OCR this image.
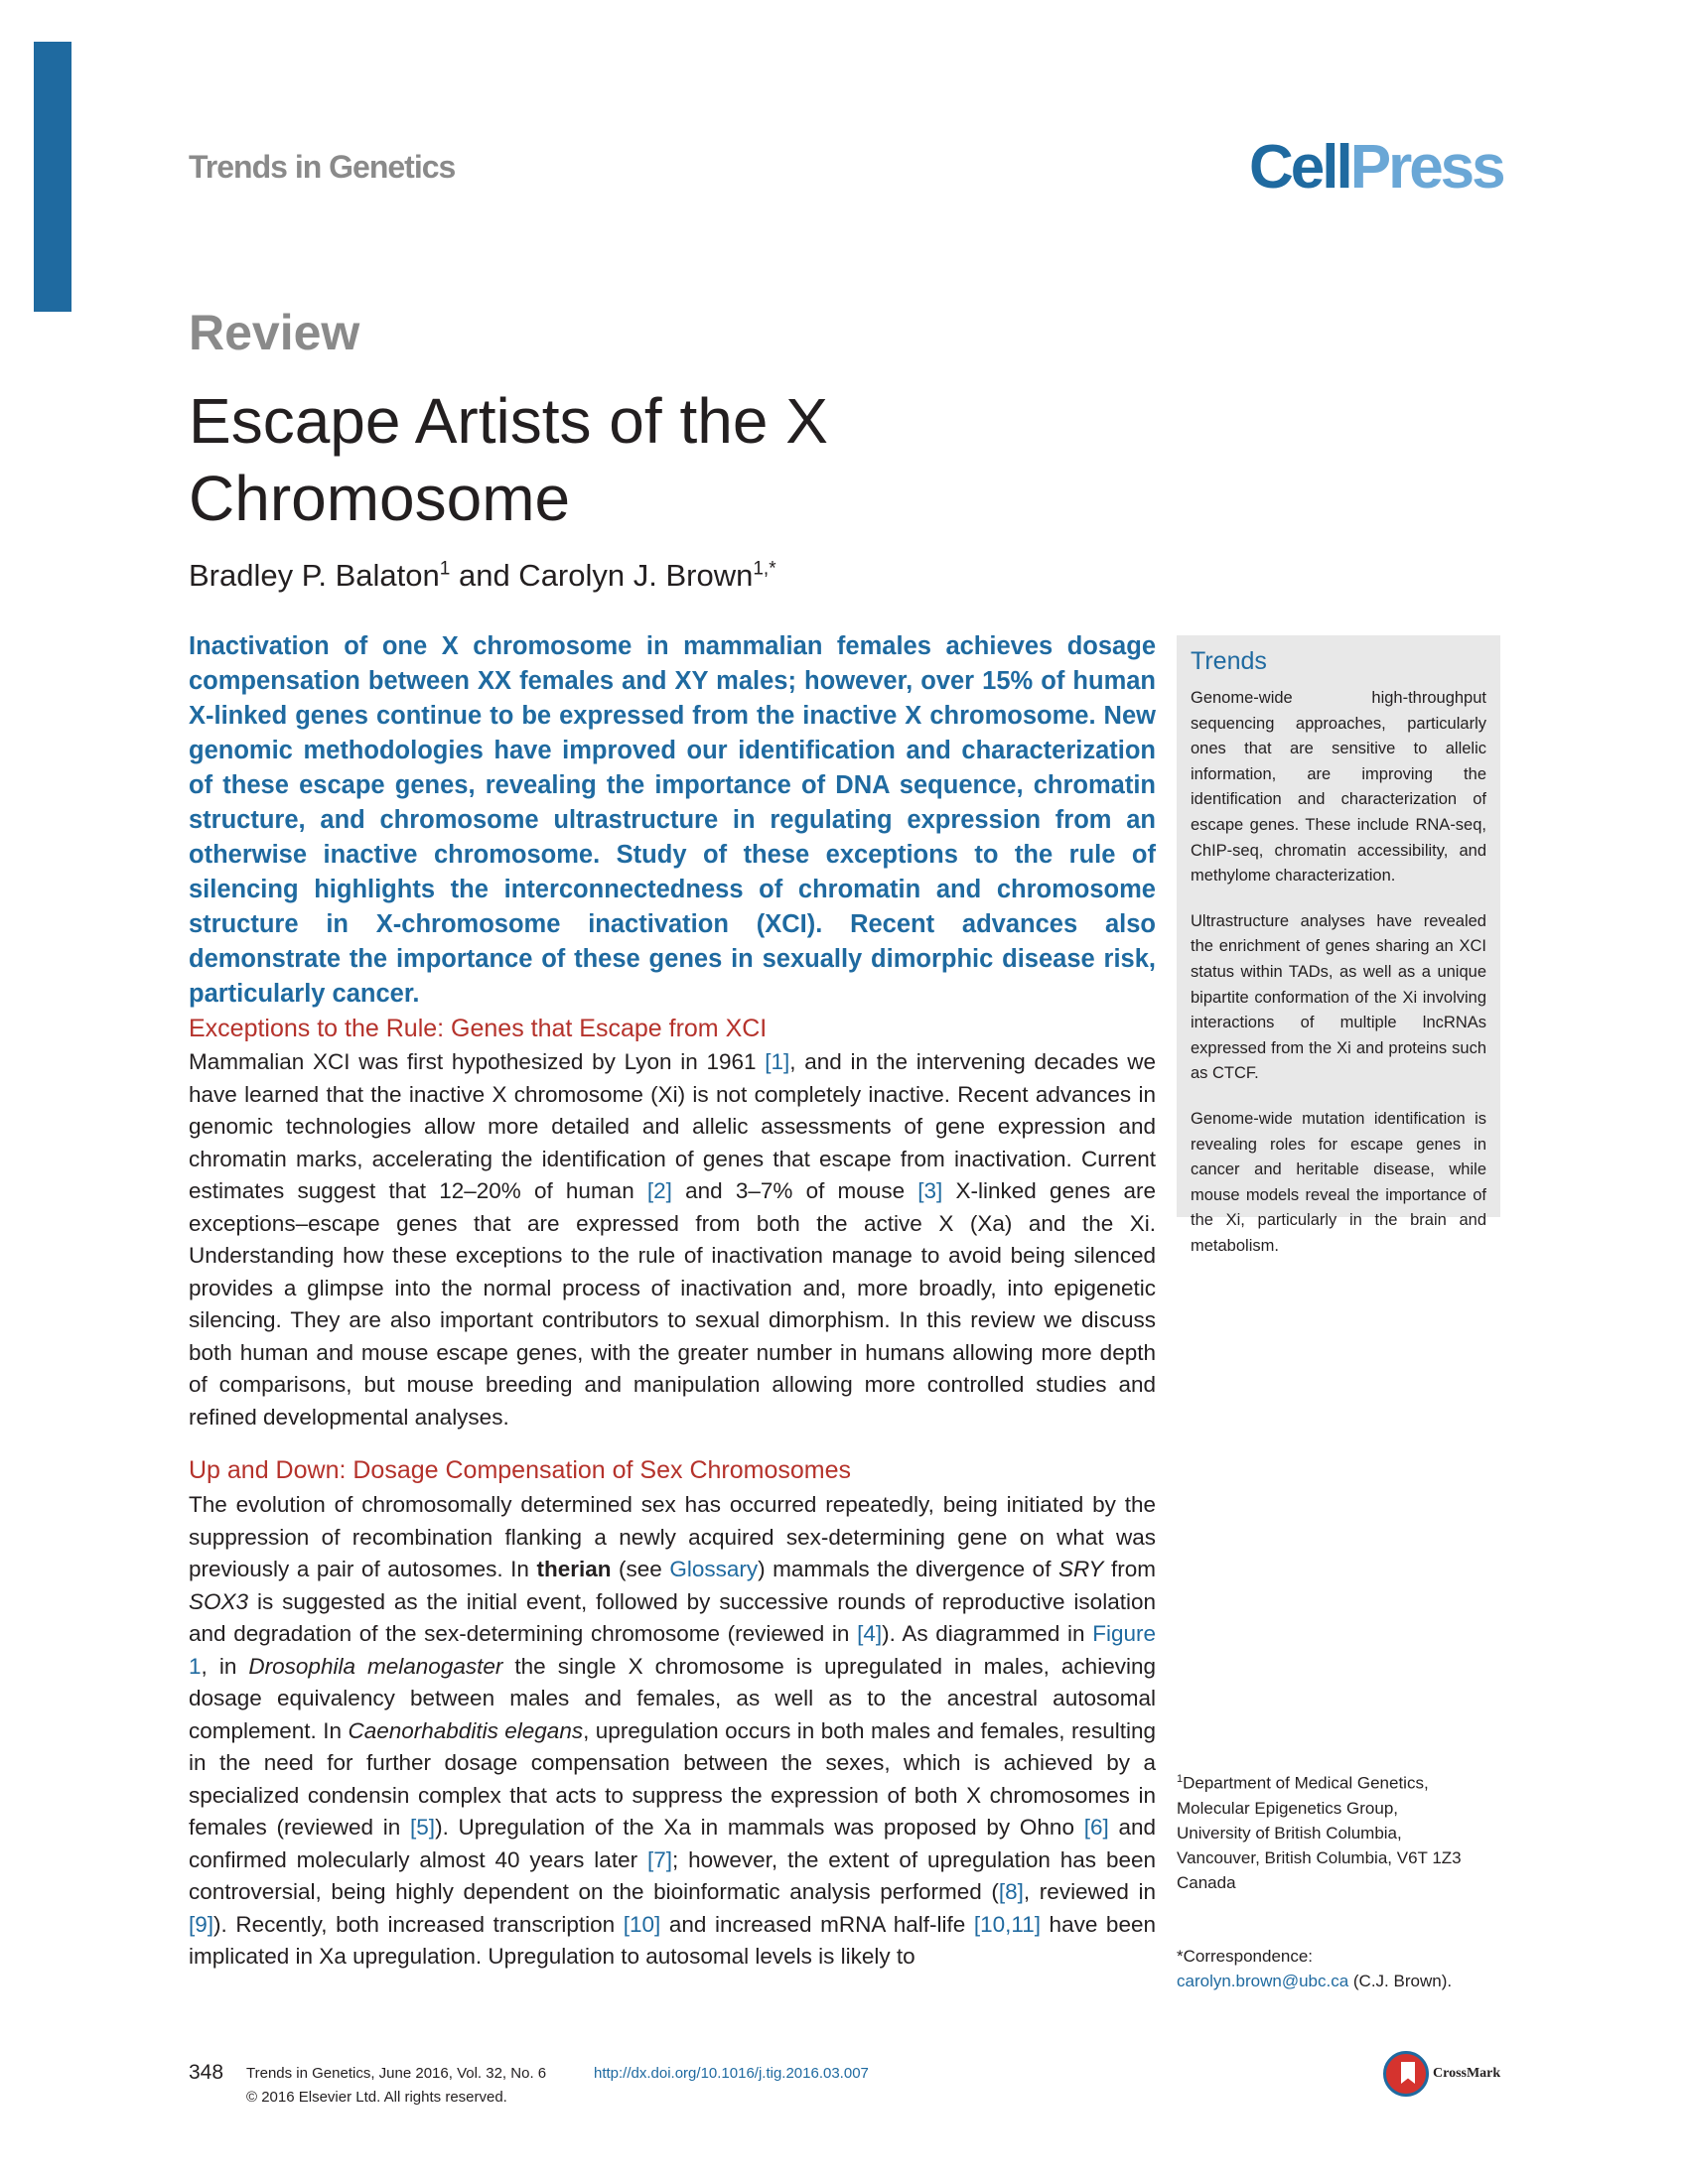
Trends in Genetics	CellPress
Review
Escape Artists of the X Chromosome
Bradley P. Balaton$^1$ and Carolyn J. Brown$^{1,*}$
Inactivation of one X chromosome in mammalian females achieves dosage compensation between XX females and XY males; however, over 15% of human X-linked genes continue to be expressed from the inactive X chromosome. New genomic methodologies have improved our identification and characterization of these escape genes, revealing the importance of DNA sequence, chromatin structure, and chromosome ultrastructure in regulating expression from an otherwise inactive chromosome. Study of these exceptions to the rule of silencing highlights the interconnectedness of chromatin and chromosome structure in X-chromosome inactivation (XCI). Recent advances also demonstrate the importance of these genes in sexually dimorphic disease risk, particularly cancer.
Exceptions to the Rule: Genes that Escape from XCI

Mammalian XCI was first hypothesized by Lyon in 1961 [1], and in the intervening decades we have learned that the inactive X chromosome (Xi) is not completely inactive. Recent advances in genomic technologies allow more detailed and allelic assessments of gene expression and chromatin marks, accelerating the identification of genes that escape from inactivation. Current estimates suggest that 12–20% of human [2] and 3–7% of mouse [3] X-linked genes are exceptions–escape genes that are expressed from both the active X (Xa) and the Xi. Understanding how these exceptions to the rule of inactivation manage to avoid being silenced provides a glimpse into the normal process of inactivation and, more broadly, into epigenetic silencing. They are also important contributors to sexual dimorphism. In this review we discuss both human and mouse escape genes, with the greater number in humans allowing more depth of comparisons, but mouse breeding and manipulation allowing more controlled studies and refined developmental analyses.

Up and Down: Dosage Compensation of Sex Chromosomes

The evolution of chromosomally determined sex has occurred repeatedly, being initiated by the suppression of recombination flanking a newly acquired sex-determining gene on what was previously a pair of autosomes. In therian (see Glossary) mammals the divergence of SRY from SOX3 is suggested as the initial event, followed by successive rounds of reproductive isolation and degradation of the sex-determining chromosome (reviewed in [4]). As diagrammed in Figure 1, in Drosophila melanogaster the single X chromosome is upregulated in males, achieving dosage equivalency between males and females, as well as to the ancestral autosomal complement. In Caenorhabditis elegans, upregulation occurs in both males and females, resulting in the need for further dosage compensation between the sexes, which is achieved by a specialized condensin complex that acts to suppress the expression of both X chromosomes in females (reviewed in [5]). Upregulation of the Xa in mammals was proposed by Ohno [6] and confirmed molecularly almost 40 years later [7]; however, the extent of upregulation has been controversial, being highly dependent on the bioinformatic analysis performed ([8], reviewed in [9]). Recently, both increased transcription [10] and increased mRNA half-life [10,11] have been implicated in Xa upregulation. Upregulation to autosomal levels is likely to

Trends

Genome-wide high-throughput sequencing approaches, particularly ones that are sensitive to allelic information, are improving the identification and characterization of escape genes. These include RNA-seq, ChIP-seq, chromatin accessibility, and methylome characterization.

Ultrastructure analyses have revealed the enrichment of genes sharing an XCI status within TADs, as well as a unique bipartite conformation of the Xi involving interactions of multiple lncRNAs expressed from the Xi and proteins such as CTCF.

Genome-wide mutation identification is revealing roles for escape genes in cancer and heritable disease, while mouse models reveal the importance of the Xi, particularly in the brain and metabolism.

$^1$Department of Medical Genetics,
Molecular Epigenetics Group,
University of British Columbia,
Vancouver, British Columbia, V6T 1Z3
Canada
*Correspondence:
carolyn.brown@ubc.ca (C.J. Brown).
348 Trends in Genetics, June 2016, Vol. 32, No. 6	http://dx.doi.org/10.1016/j.tig.2016.03.007
© 2016 Elsevier Ltd. All rights reserved.
CrossMark
